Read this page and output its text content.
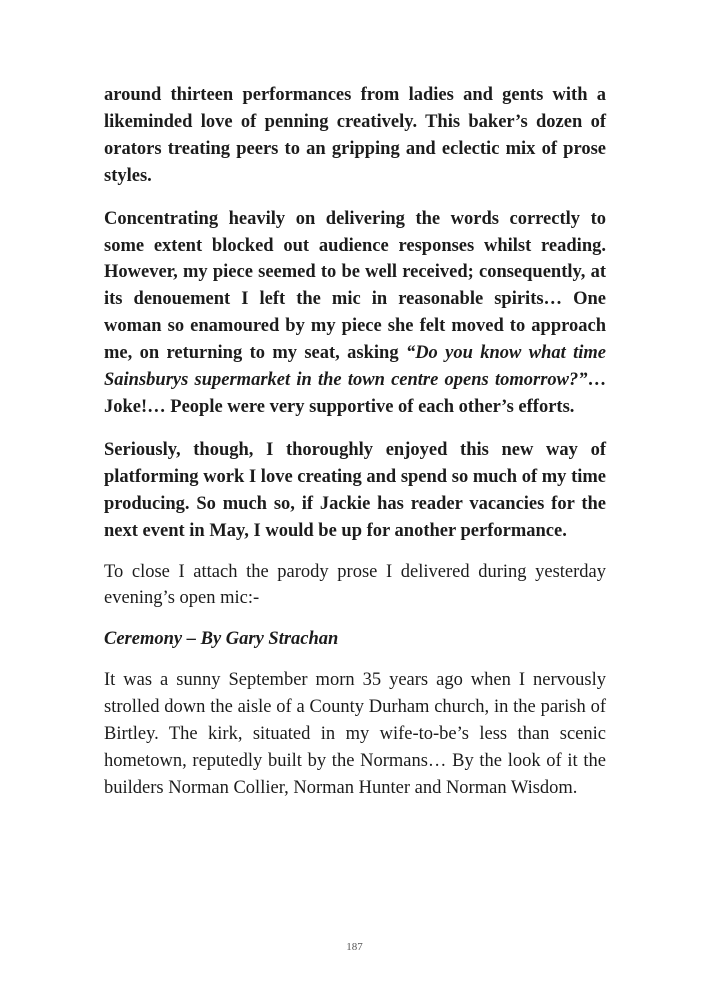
around thirteen performances from ladies and gents with a likeminded love of penning creatively. This baker’s dozen of orators treating peers to an gripping and eclectic mix of prose styles.

Concentrating heavily on delivering the words correctly to some extent blocked out audience responses whilst reading. However, my piece seemed to be well received; consequently, at its denouement I left the mic in reasonable spirits… One woman so enamoured by my piece she felt moved to approach me, on returning to my seat, asking “Do you know what time Sainsburys supermarket in the town centre opens tomorrow?”… Joke!… People were very supportive of each other’s efforts.

Seriously, though, I thoroughly enjoyed this new way of platforming work I love creating and spend so much of my time producing. So much so, if Jackie has reader vacancies for the next event in May, I would be up for another performance.

To close I attach the parody prose I delivered during yesterday evening’s open mic:-

Ceremony – By Gary Strachan

It was a sunny September morn 35 years ago when I nervously strolled down the aisle of a County Durham church, in the parish of Birtley. The kirk, situated in my wife-to-be’s less than scenic hometown, reputedly built by the Normans… By the look of it the builders Norman Collier, Norman Hunter and Norman Wisdom.

187
